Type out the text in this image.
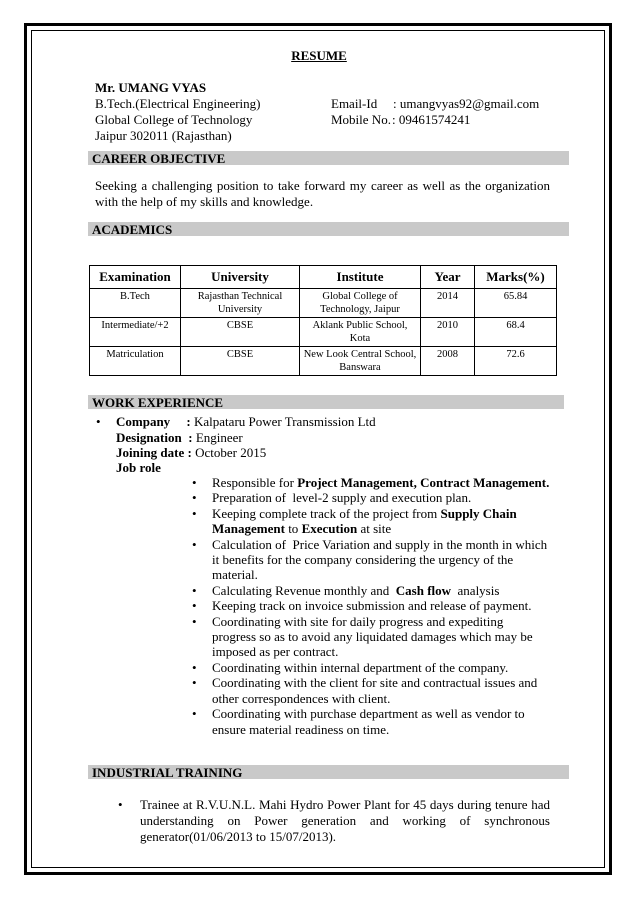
RESUME
Mr. UMANG VYAS
B.Tech.(Electrical Engineering)
Global College of Technology
Jaipur 302011 (Rajasthan)
Email-Id : umangvyas92@gmail.com
Mobile No. : 09461574241
CAREER OBJECTIVE
Seeking a challenging position to take forward my career as well as the organization with the help of my skills and knowledge.
ACADEMICS
Examination	University	Institute	Year	Marks(%)
B.Tech	Rajasthan Technical University	Global College of Technology, Jaipur	2014	65.84
Intermediate/+2	CBSE	Aklank Public School, Kota	2010	68.4
Matriculation	CBSE	New Look Central School, Banswara	2008	72.6
WORK EXPERIENCE
• Company     : Kalpataru Power Transmission Ltd
Designation  : Engineer
Joining date : October 2015
Job role
• Responsible for Project Management, Contract Management.
• Preparation of  level-2 supply and execution plan.
• Keeping complete track of the project from Supply Chain Management to Execution at site
• Calculation of  Price Variation and supply in the month in which it benefits for the company considering the urgency of the material.
• Calculating Revenue monthly and  Cash flow  analysis
• Keeping track on invoice submission and release of payment.
• Coordinating with site for daily progress and expediting progress so as to avoid any liquidated damages which may be imposed as per contract.
• Coordinating within internal department of the company.
• Coordinating with the client for site and contractual issues and other correspondences with client.
• Coordinating with purchase department as well as vendor to ensure material readiness on time.
INDUSTRIAL TRAINING
• Trainee at R.V.U.N.L. Mahi Hydro Power Plant for 45 days during tenure had understanding on Power generation and working of synchronous generator(01/06/2013 to 15/07/2013).
